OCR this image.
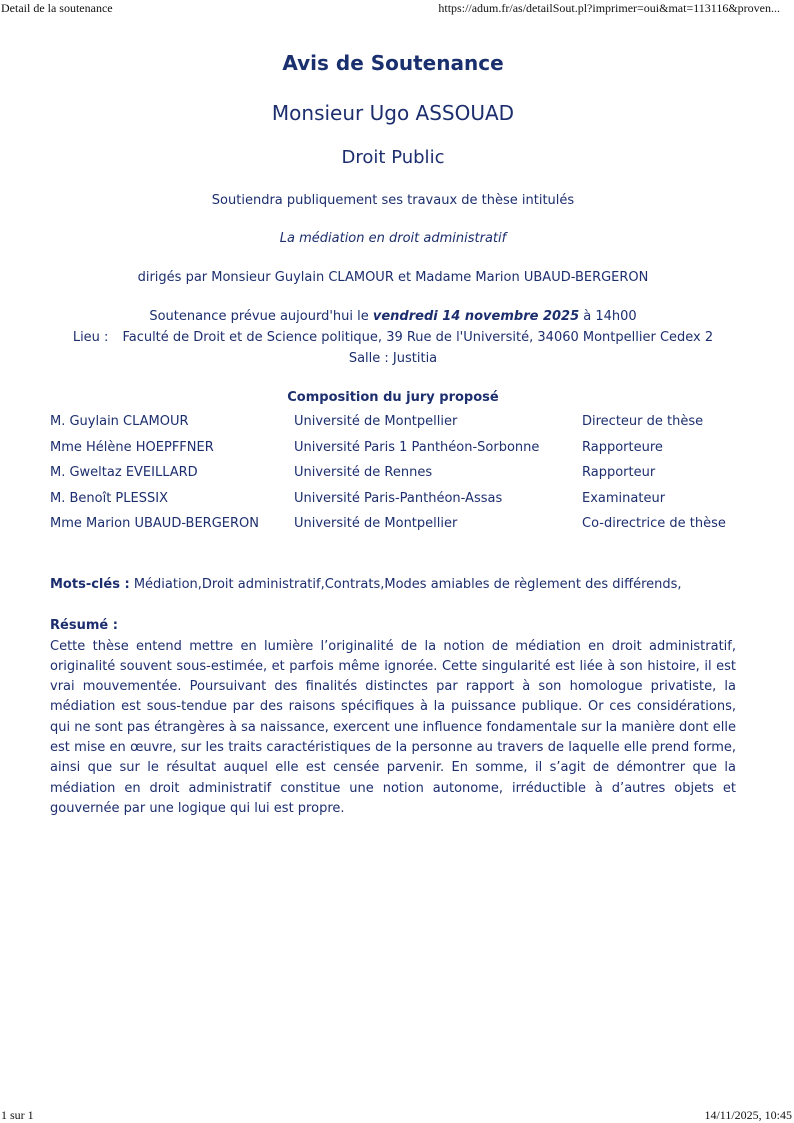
Detail de la soutenance	https://adum.fr/as/detailSout.pl?imprimer=oui&mat=113116&proven...
Avis de Soutenance
Monsieur Ugo ASSOUAD
Droit Public
Soutiendra publiquement ses travaux de thèse intitulés
La médiation en droit administratif
dirigés par Monsieur Guylain CLAMOUR et Madame Marion UBAUD-BERGERON
Soutenance prévue aujourd'hui le vendredi 14 novembre 2025 à 14h00
Lieu : Faculté de Droit et de Science politique, 39 Rue de l'Université, 34060 Montpellier Cedex 2
Salle : Justitia
Composition du jury proposé
M. Guylain CLAMOUR	Université de Montpellier	Directeur de thèse
Mme Hélène HOEPFFNER	Université Paris 1 Panthéon-Sorbonne	Rapporteure
M. Gweltaz EVEILLARD	Université de Rennes	Rapporteur
M. Benoît PLESSIX	Université Paris-Panthéon-Assas	Examinateur
Mme Marion UBAUD-BERGERON	Université de Montpellier	Co-directrice de thèse
Mots-clés : Médiation,Droit administratif,Contrats,Modes amiables de règlement des différends,
Résumé :

Cette thèse entend mettre en lumière l’originalité de la notion de médiation en droit administratif, originalité souvent sous-estimée, et parfois même ignorée. Cette singularité est liée à son histoire, il est vrai mouvementée. Poursuivant des finalités distinctes par rapport à son homologue privatiste, la médiation est sous-tendue par des raisons spécifiques à la puissance publique. Or ces considérations, qui ne sont pas étrangères à sa naissance, exercent une influence fondamentale sur la manière dont elle est mise en œuvre, sur les traits caractéristiques de la personne au travers de laquelle elle prend forme, ainsi que sur le résultat auquel elle est censée parvenir. En somme, il s’agit de démontrer que la médiation en droit administratif constitue une notion autonome, irréductible à d’autres objets et gouvernée par une logique qui lui est propre.

1 sur 1	14/11/2025, 10:45
